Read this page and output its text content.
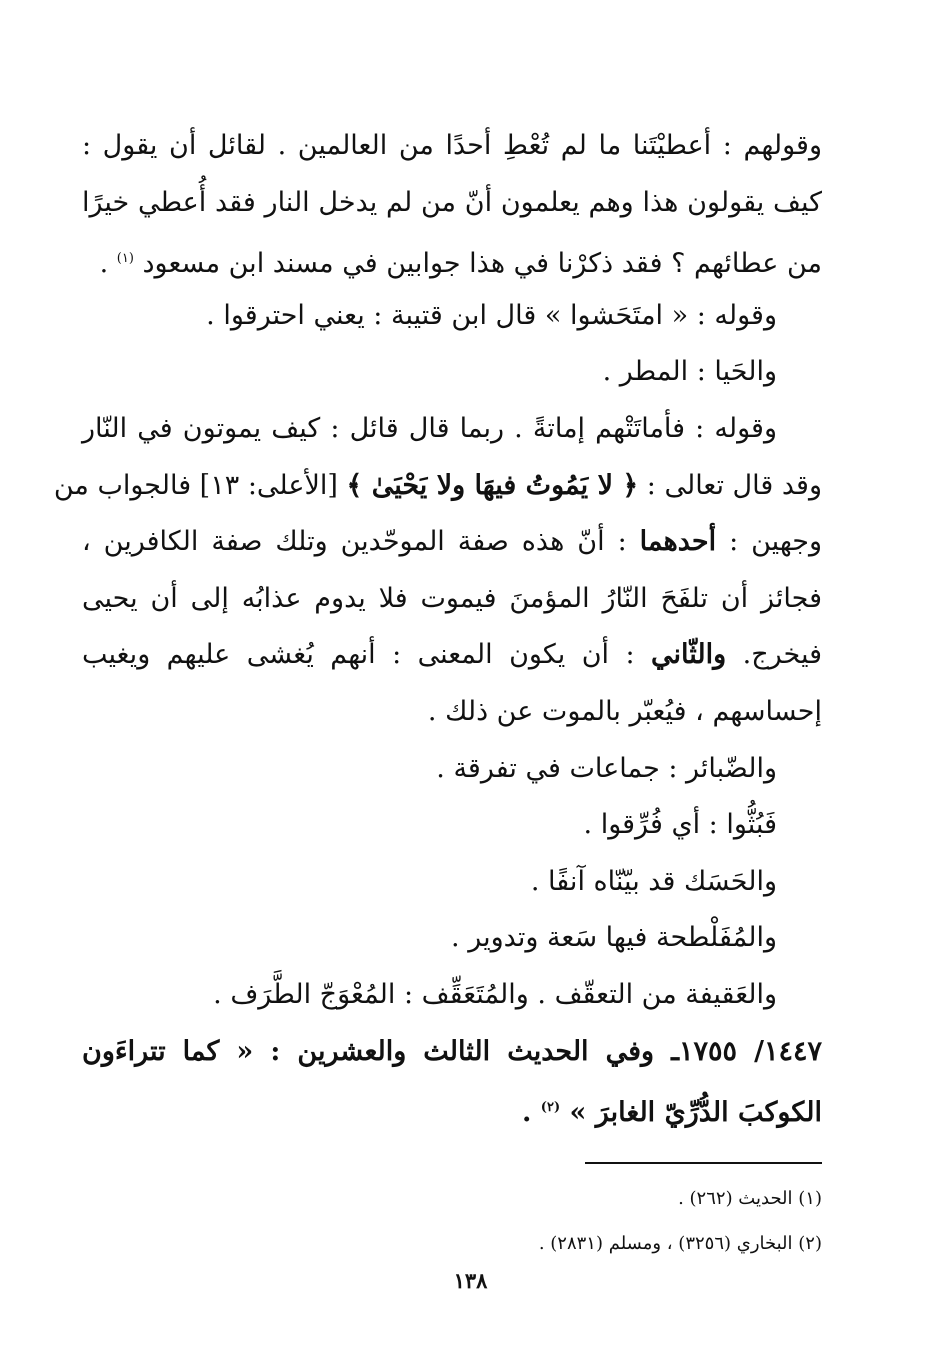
وقولهم : أعطيْتَنا ما لم تُعْطِ أحدًا من العالمين . لقائل أن يقول :
كيف يقولون هذا وهم يعلمون أنّ من لم يدخل النار فقد أُعطي خيرًا
من عطائهم ؟ فقد ذكرْنا في هذا جوابين في مسند ابن مسعود $^{(١)}$ .
وقوله : « امتَحَشوا » قال ابن قتيبة : يعني احترقوا .
والحَيا : المطر .
وقوله : فأماتَتْهم إماتةً . ربما قال قائل : كيف يموتون في النّار
وقد قال تعالى : ﴿ لا يَمُوتُ فيهَا ولا يَحْيَىٰ ﴾ [الأعلى: ١٣] فالجواب من
وجهين : أحدهما : أنّ هذه صفة الموحّدين وتلك صفة الكافرين ،
فجائز أن تلفَحَ النّارُ المؤمنَ فيموت فلا يدوم عذابُه إلى أن يحيى
فيخرج. والثّاني : أن يكون المعنى : أنهم يُغشى عليهم ويغيب
إحساسهم ، فيُعبّر بالموت عن ذلك .
والضّبائر : جماعات في تفرقة .
فَبُثُّوا : أي فُرِّقوا .
والحَسَك قد بيّنّاه آنفًا .
والمُفَلْطحة فيها سَعة وتدوير .
والعَقيفة من التعقّف . والمُتَعَقِّف : المُعْوَجّ الطَّرَف .
١٤٤٧/ ١٧٥٥ـ وفي الحديث الثالث والعشرين : « كما تتراءَون
الكوكبَ الدُّرِّيّ الغابرَ » $^{(٢)}$ .
(١) الحديث (٢٦٢) .
(٢) البخاري (٣٢٥٦) ، ومسلم (٢٨٣١) .
١٣٨
